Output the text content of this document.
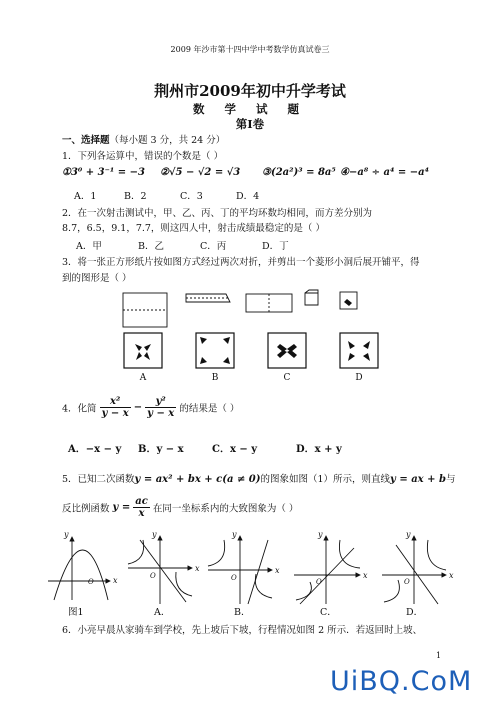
2009 年沙市第十四中学中考数学仿真试卷三
荆州市2009年初中升学考试
数 学 试 题
第Ⅰ卷
一、选择题（每小题 3 分，共 24 分）
1．下列各运算中，错误的个数是（ ）
①3⁰ + 3⁻¹ = −3 ②√5 − √2 = √3 ③(2a²)³ = 8a⁵ ④−a⁸ ÷ a⁴ = −a⁴
A．1	B．2	C．3	D．4
2．在一次射击测试中，甲、乙、丙、丁的平均环数均相同，而方差分别为
8.7，6.5，9.1，7.7，则这四人中，射击成绩最稳定的是（ ）
A．甲	B．乙	C．丙	D．丁
3．将一张正方形纸片按如图方式经过两次对折，并剪出一个菱形小洞后展开铺平，得
到的图形是（ ）
A	B	C	D
4．化简 $\frac{\text{x²}}{y - x} - \frac{\text{y²}}{y - x}$ 的结果是（ ）
A．−x − y B．y − x	C．x − y	D．x + y
5．已知二次函数y = ax² + bx + c(a ≠ 0)的图象如图（1）所示，则直线y = ax + b与
反比例函数 $y = \frac{ac}{x}$ 在同一坐标系内的大致图象为（ ）
y
x
O
y
x
O
y
x
O
y
x
O
y
x
O
图1	A．	B．	C．	D．
6．小亮早晨从家骑车到学校，先上坡后下坡，行程情况如图 2 所示．若返回时上坡、
1
UiBQ.CoM
